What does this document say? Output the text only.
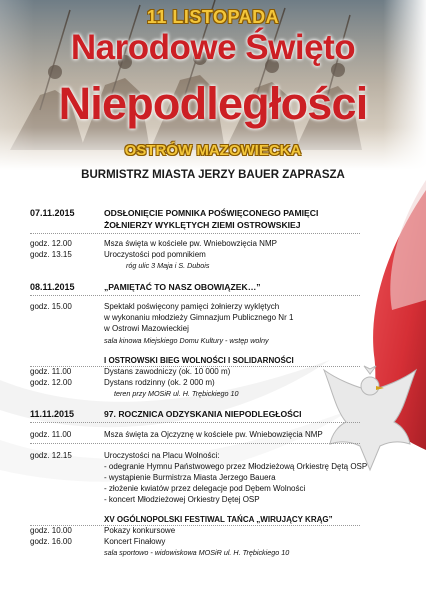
11 LISTOPADA
Narodowe Święto
Niepodległości
OSTRÓW MAZOWIECKA
BURMISTRZ MIASTA JERZY BAUER ZAPRASZA
07.11.2015	ODSŁONIĘCIE POMNIKA POŚWIĘCONEGO PAMIĘCI
ŻOŁNIERZY WYKLĘTYCH ZIEMI OSTROWSKIEJ
godz. 12.00	Msza święta w kościele pw. Wniebowzięcia NMP
godz. 13.15	Uroczystości pod pomnikiem
róg ulic 3 Maja i S. Dubois
08.11.2015	„PAMIĘTAĆ TO NASZ OBOWIĄZEK…”
godz. 15.00	Spektakl poświęcony pamięci żołnierzy wyklętych
w wykonaniu młodzieży Gimnazjum Publicznego Nr 1
w Ostrowi Mazowieckiej
sala kinowa Miejskiego Domu Kultury - wstęp wolny
I OSTROWSKI BIEG WOLNOŚCI I SOLIDARNOŚCI
godz. 11.00	Dystans zawodniczy (ok. 10 000 m)
godz. 12.00	Dystans rodzinny (ok. 2 000 m)
teren przy MOSiR ul. H. Trębickiego 10
11.11.2015	97. ROCZNICA ODZYSKANIA NIEPODLEGŁOŚCI
godz. 11.00	Msza święta za Ojczyznę w kościele pw. Wniebowzięcia NMP
godz. 12.15	Uroczystości na Placu Wolności:
- odegranie Hymnu Państwowego przez Młodzieżową Orkiestrę Dętą OSP
- wystąpienie Burmistrza Miasta Jerzego Bauera
- złożenie kwiatów przez delegacje pod Dębem Wolności
- koncert Młodzieżowej Orkiestry Dętej OSP
XV OGÓLNOPOLSKI FESTIWAL TAŃCA „WIRUJĄCY KRĄG”
godz. 10.00	Pokazy konkursowe
godz. 16.00	Koncert Finałowy
sala sportowo - widowiskowa MOSiR ul. H. Trębickiego 10
